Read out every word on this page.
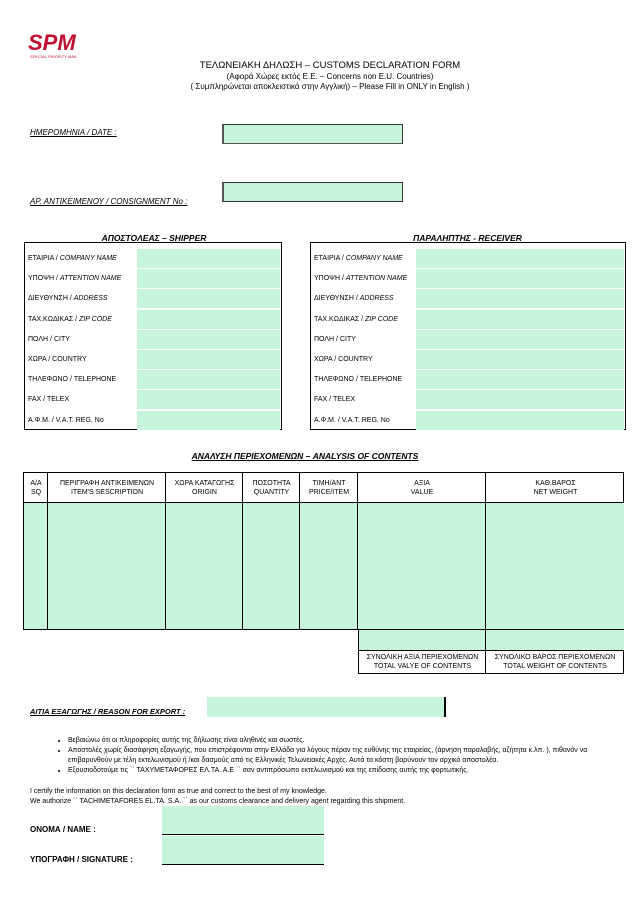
SPM
SPECIAL PRIORITY MAIL
ΤΕΛΩΝΕΙΑΚΗ ΔΗΛΩΣΗ – CUSTOMS DECLARATION FORM
(Αφορά Χώρες εκτός Ε.Ε. – Concerns non E.U. Countries)
( Συμπληρώνεται αποκλειστικά στην Αγγλική) – Please Fill in ONLY in English )
ΗΜΕΡΟΜΗΝΙΑ / DATE :
ΑΡ. ΑΝΤΙΚΕΙΜΕΝΟΥ / CONSIGNMENT No :
ΑΠΟΣΤΟΛΕΑΣ – SHIPPER	ΠΑΡΑΛΗΠΤΗΣ - RECEIVER
ΕΤΑΙΡΙΑ / COMPANY NAME
ΥΠΟΨΗ / ATTENTION NAME
ΔΙΕΥΘΥΝΣΗ / ADDRESS
ΤΑΧ.ΚΩΔΙΚΑΣ / ZIP CODE
ΠΟΛΗ / CITY
ΧΩΡΑ / COUNTRY
ΤΗΛΕΦΩΝΟ / TELEPHONE
FAX / TELEX
Α.Φ.Μ. / V.A.T. REG. No
ΕΤΑΙΡΙΑ / COMPANY NAME
ΥΠΟΨΗ / ATTENTION NAME
ΔΙΕΥΘΥΝΣΗ / ADDRESS
ΤΑΧ.ΚΩΔΙΚΑΣ / ZIP CODE
ΠΟΛΗ / CITY
ΧΩΡΑ / COUNTRY
ΤΗΛΕΦΩΝΟ / TELEPHONE
FAX / TELEX
Α.Φ.Μ. / V.A.T. REG. No
ΑΝΑΛΥΣΗ ΠΕΡΙΕΧΟΜΕΝΩΝ – ANALYSIS OF CONTENTS
Α/Α
SQ
ΠΕΡΙΓΡΑΦΗ ΑΝΤΙΚΕΙΜΕΝΩΝ
ITEM'S SESCRIPTION
ΧΩΡΑ ΚΑΤΑΓΩΓΗΣ
ORIGIN
ΠΟΣΟΤΗΤΑ
QUANTITY
ΤΙΜΗ/ΑΝΤ
PRICE/ITEM
ΑΞΙΑ
VALUE
ΚΑΘ.ΒΑΡΟΣ
NET WEIGHT
ΣΥΝΟΛΙΚΗ ΑΞΙΑ ΠΕΡΙΕΧΟΜΕΝΩΝ
TOTAL VALYE OF CONTENTS
ΣΥΝΟΛΙΚΟ ΒΑΡΟΣ ΠΕΡΙΕΧΟΜΕΝΩΝ
TOTAL WEIGHT OF CONTENTS
ΑΙΤΙΑ ΕΞΑΓΩΓΗΣ / REASON FOR EXPORT :
• Βεβαιώνω ότι οι πληροφορίες αυτής της δήλωσης είναι αληθινές και σωστές.
• Αποστολές χωρίς διασάφηση εξαγωγής, που επιστρέφονται στην Ελλάδα για λόγους πέραν της ευθύνης της εταιρείας, (άρνηση παραλαβής, αζήτητα κ.λπ. ), πιθανόν να επιβαρυνθούν με τέλη εκτελωνισμού ή /και δασμούς από τις Ελληνικές Τελωνειακές Αρχές. Αυτά τα κόστη βαρύνουν τον αρχικό αποστολέα.
• Εξουσιοδοτούμε τις `` ΤΑΧΥΜΕΤΑΦΟΡΕΣ ΕΛ.ΤΑ. Α.Ε `` σαν αντιπρόσωπο εκτελωνισμού και της επίδοσης αυτής της φορτωτικής.
I certify the information on this declaration form as true and correct to the best of my knowledge.
We authorize `` TACHIMETAFORES EL.TA. S.A. `` as our customs clearance and delivery agent regarding this shipment.
ΟΝΟΜΑ / NAME :
ΥΠΟΓΡΑΦΗ / SIGNATURE :
